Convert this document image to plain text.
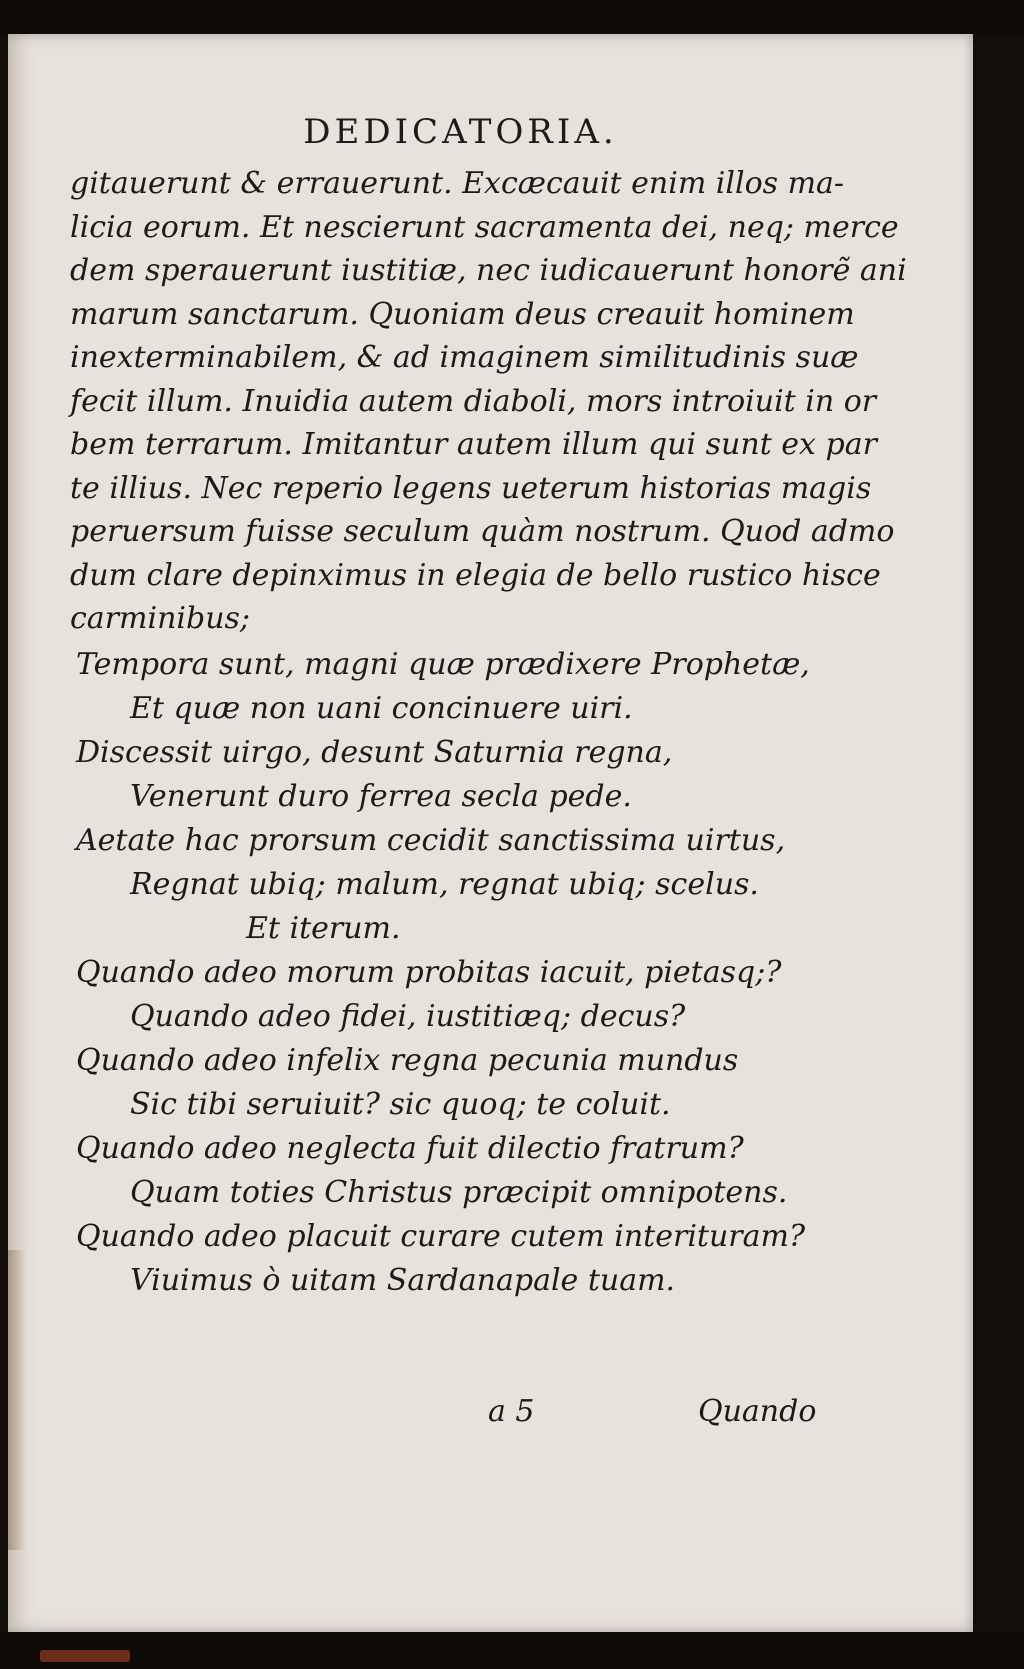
DEDICATORIA.
gitauerunt & errauerunt. Excæcauit enim illos ma-
licia eorum. Et nescierunt sacramenta dei, neq; merce
dem sperauerunt iustitiæ, nec iudicauerunt honorẽ ani
marum sanctarum. Quoniam deus creauit hominem
inexterminabilem, & ad imaginem similitudinis suæ
fecit illum. Inuidia autem diaboli, mors introiuit in or
bem terrarum. Imitantur autem illum qui sunt ex par
te illius. Nec reperio legens ueterum historias magis
peruersum fuisse seculum quàm nostrum. Quod admo
dum clare depinximus in elegia de bello rustico hisce
carminibus;
Tempora sunt, magni quæ prædixere Prophetæ,
Et quæ non uani concinuere uiri.
Discessit uirgo, desunt Saturnia regna,
Venerunt duro ferrea secla pede.
Aetate hac prorsum cecidit sanctissima uirtus,
Regnat ubiq; malum, regnat ubiq; scelus.
Et iterum.
Quando adeo morum probitas iacuit, pietasq;?
Quando adeo fidei, iustitiæq; decus?
Quando adeo infelix regna pecunia mundus
Sic tibi seruiuit? sic quoq; te coluit.
Quando adeo neglecta fuit dilectio fratrum?
Quam toties Christus præcipit omnipotens.
Quando adeo placuit curare cutem interituram?
Viuimus ò uitam Sardanapale tuam.
a 5	Quando
